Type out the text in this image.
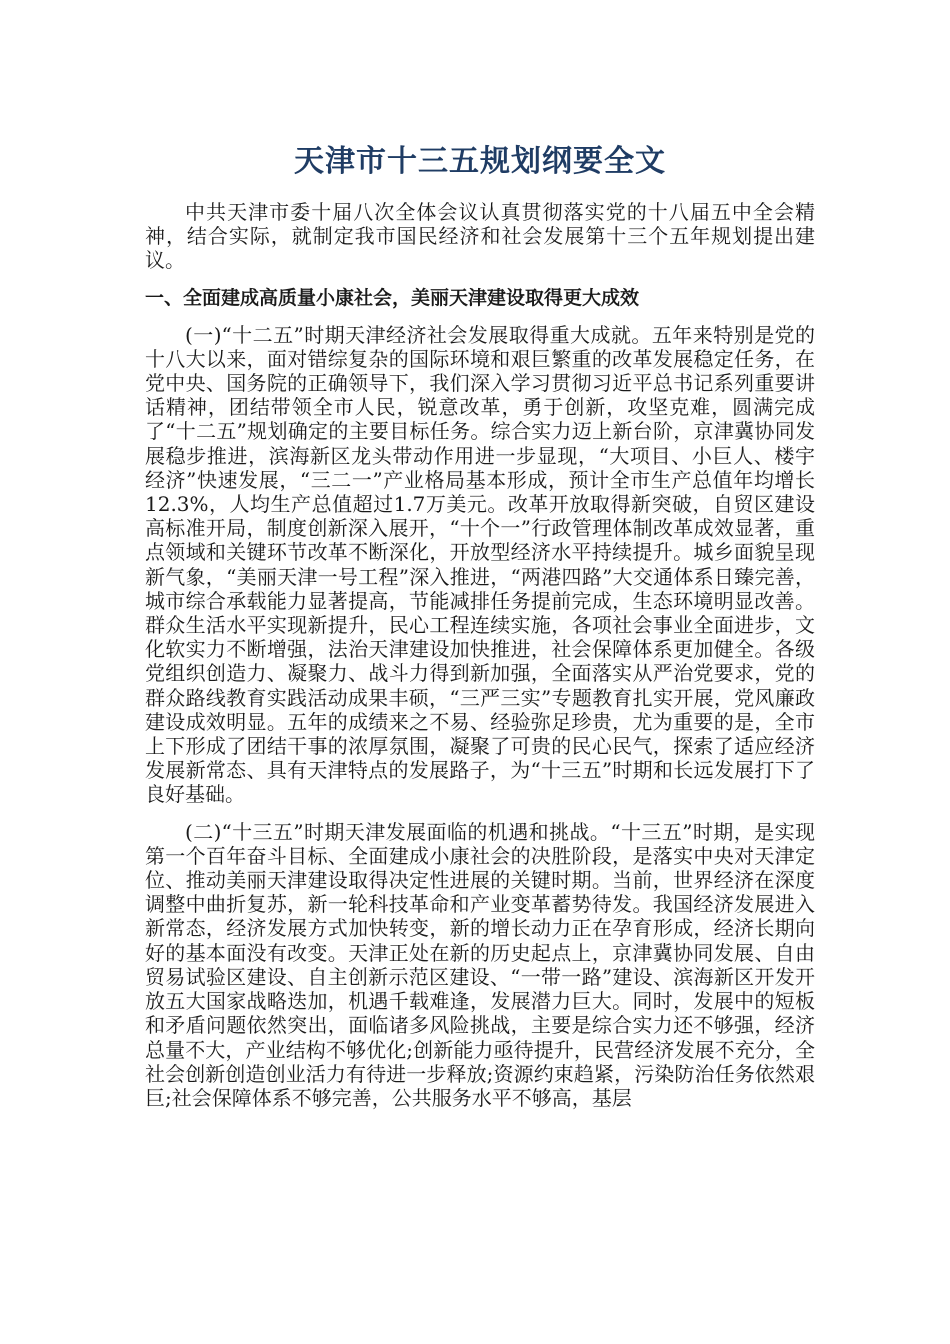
天津市十三五规划纲要全文

中共天津市委十届八次全体会议认真贯彻落实党的十八届五中全会精神，结合实际，就制定我市国民经济和社会发展第十三个五年规划提出建议。

一、全面建成高质量小康社会，美丽天津建设取得更大成效

(一)“十二五”时期天津经济社会发展取得重大成就。五年来特别是党的十八大以来，面对错综复杂的国际环境和艰巨繁重的改革发展稳定任务，在党中央、国务院的正确领导下，我们深入学习贯彻习近平总书记系列重要讲话精神，团结带领全市人民，锐意改革，勇于创新，攻坚克难，圆满完成了“十二五”规划确定的主要目标任务。综合实力迈上新台阶，京津冀协同发展稳步推进，滨海新区龙头带动作用进一步显现，“大项目、小巨人、楼宇经济”快速发展，“三二一”产业格局基本形成，预计全市生产总值年均增长12.3%，人均生产总值超过1.7万美元。改革开放取得新突破，自贸区建设高标准开局，制度创新深入展开，“十个一”行政管理体制改革成效显著，重点领域和关键环节改革不断深化，开放型经济水平持续提升。城乡面貌呈现新气象，“美丽天津一号工程”深入推进，“两港四路”大交通体系日臻完善，城市综合承载能力显著提高，节能减排任务提前完成，生态环境明显改善。群众生活水平实现新提升，民心工程连续实施，各项社会事业全面进步，文化软实力不断增强，法治天津建设加快推进，社会保障体系更加健全。各级党组织创造力、凝聚力、战斗力得到新加强，全面落实从严治党要求，党的群众路线教育实践活动成果丰硕，“三严三实”专题教育扎实开展，党风廉政建设成效明显。五年的成绩来之不易、经验弥足珍贵，尤为重要的是，全市上下形成了团结干事的浓厚氛围，凝聚了可贵的民心民气，探索了适应经济发展新常态、具有天津特点的发展路子，为“十三五”时期和长远发展打下了良好基础。

(二)“十三五”时期天津发展面临的机遇和挑战。“十三五”时期，是实现第一个百年奋斗目标、全面建成小康社会的决胜阶段，是落实中央对天津定位、推动美丽天津建设取得决定性进展的关键时期。当前，世界经济在深度调整中曲折复苏，新一轮科技革命和产业变革蓄势待发。我国经济发展进入新常态，经济发展方式加快转变，新的增长动力正在孕育形成，经济长期向好的基本面没有改变。天津正处在新的历史起点上，京津冀协同发展、自由贸易试验区建设、自主创新示范区建设、“一带一路”建设、滨海新区开发开放五大国家战略迭加，机遇千载难逢，发展潜力巨大。同时，发展中的短板和矛盾问题依然突出，面临诸多风险挑战，主要是综合实力还不够强，经济总量不大，产业结构不够优化;创新能力亟待提升，民营经济发展不充分，全社会创新创造创业活力有待进一步释放;资源约束趋紧，污染防治任务依然艰巨;社会保障体系不够完善，公共服务水平不够高，基层
